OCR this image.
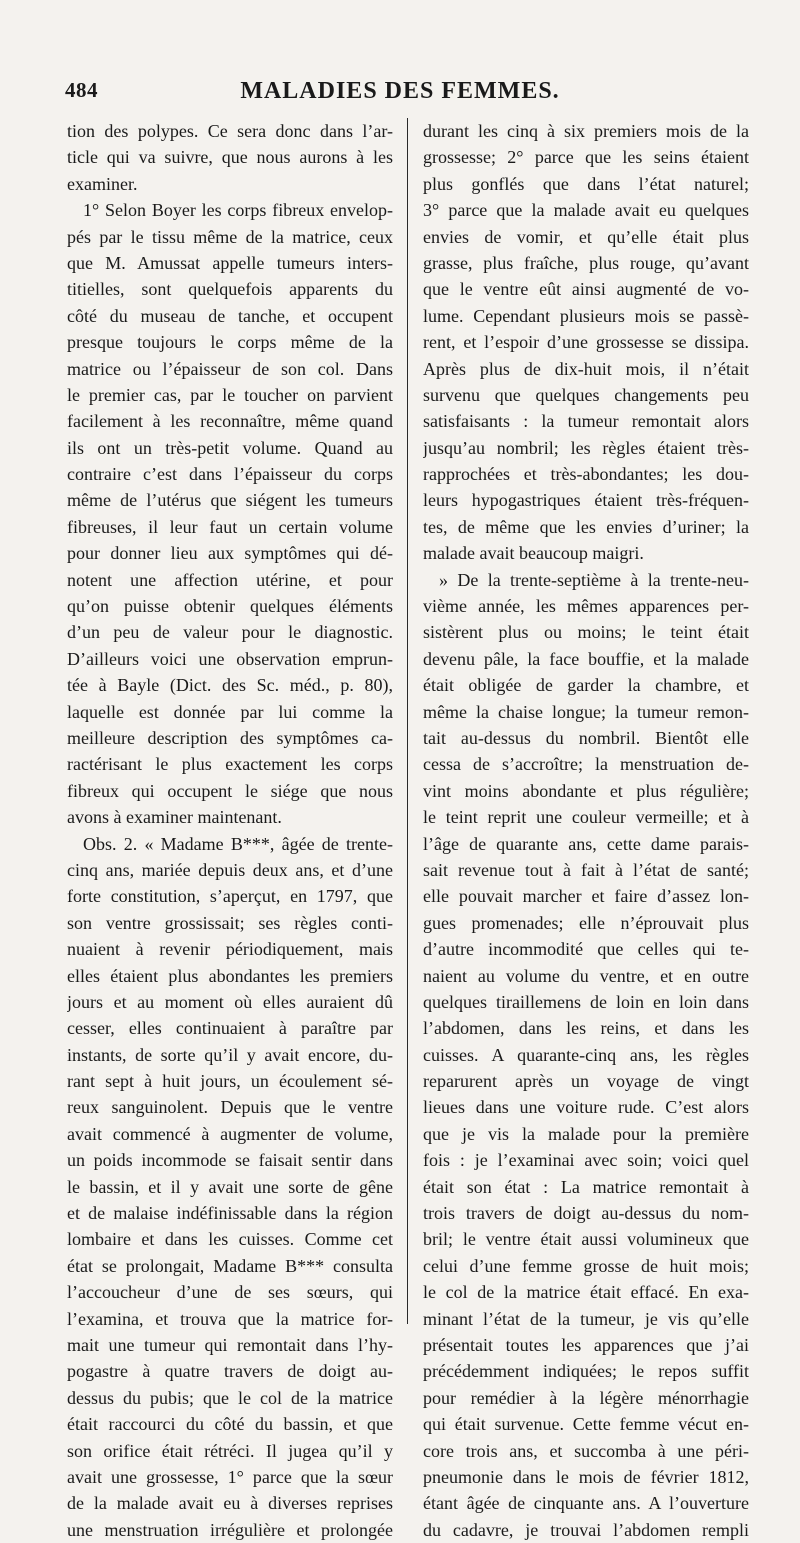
484	MALADIES DES FEMMES.
tion des polypes. Ce sera donc dans l’ar-
ticle qui va suivre, que nous aurons à les
examiner.
1° Selon Boyer les corps fibreux envelop-
pés par le tissu même de la matrice, ceux
que M. Amussat appelle tumeurs inters-
titielles, sont quelquefois apparents du
côté du museau de tanche, et occupent
presque toujours le corps même de la
matrice ou l’épaisseur de son col. Dans
le premier cas, par le toucher on parvient
facilement à les reconnaître, même quand
ils ont un très-petit volume. Quand au
contraire c’est dans l’épaisseur du corps
même de l’utérus que siégent les tumeurs
fibreuses, il leur faut un certain volume
pour donner lieu aux symptômes qui dé-
notent une affection utérine, et pour
qu’on puisse obtenir quelques éléments
d’un peu de valeur pour le diagnostic.
D’ailleurs voici une observation emprun-
tée à Bayle (Dict. des Sc. méd., p. 80),
laquelle est donnée par lui comme la
meilleure description des symptômes ca-
ractérisant le plus exactement les corps
fibreux qui occupent le siége que nous
avons à examiner maintenant.
Obs. 2. « Madame B***, âgée de trente-
cinq ans, mariée depuis deux ans, et d’une
forte constitution, s’aperçut, en 1797, que
son ventre grossissait; ses règles conti-
nuaient à revenir périodiquement, mais
elles étaient plus abondantes les premiers
jours et au moment où elles auraient dû
cesser, elles continuaient à paraître par
instants, de sorte qu’il y avait encore, du-
rant sept à huit jours, un écoulement sé-
reux sanguinolent. Depuis que le ventre
avait commencé à augmenter de volume,
un poids incommode se faisait sentir dans
le bassin, et il y avait une sorte de gêne
et de malaise indéfinissable dans la région
lombaire et dans les cuisses. Comme cet
état se prolongait, Madame B*** consulta
l’accoucheur d’une de ses sœurs, qui
l’examina, et trouva que la matrice for-
mait une tumeur qui remontait dans l’hy-
pogastre à quatre travers de doigt au-
dessus du pubis; que le col de la matrice
était raccourci du côté du bassin, et que
son orifice était rétréci. Il jugea qu’il y
avait une grossesse, 1° parce que la sœur
de la malade avait eu à diverses reprises
une menstruation irrégulière et prolongée
durant les cinq à six premiers mois de la
grossesse; 2° parce que les seins étaient
plus gonflés que dans l’état naturel;
3° parce que la malade avait eu quelques
envies de vomir, et qu’elle était plus
grasse, plus fraîche, plus rouge, qu’avant
que le ventre eût ainsi augmenté de vo-
lume. Cependant plusieurs mois se passè-
rent, et l’espoir d’une grossesse se dissipa.
Après plus de dix-huit mois, il n’était
survenu que quelques changements peu
satisfaisants : la tumeur remontait alors
jusqu’au nombril; les règles étaient très-
rapprochées et très-abondantes; les dou-
leurs hypogastriques étaient très-fréquen-
tes, de même que les envies d’uriner; la
malade avait beaucoup maigri.
» De la trente-septième à la trente-neu-
vième année, les mêmes apparences per-
sistèrent plus ou moins; le teint était
devenu pâle, la face bouffie, et la malade
était obligée de garder la chambre, et
même la chaise longue; la tumeur remon-
tait au-dessus du nombril. Bientôt elle
cessa de s’accroître; la menstruation de-
vint moins abondante et plus régulière;
le teint reprit une couleur vermeille; et à
l’âge de quarante ans, cette dame parais-
sait revenue tout à fait à l’état de santé;
elle pouvait marcher et faire d’assez lon-
gues promenades; elle n’éprouvait plus
d’autre incommodité que celles qui te-
naient au volume du ventre, et en outre
quelques tiraillemens de loin en loin dans
l’abdomen, dans les reins, et dans les
cuisses. A quarante-cinq ans, les règles
reparurent après un voyage de vingt
lieues dans une voiture rude. C’est alors
que je vis la malade pour la première
fois : je l’examinai avec soin; voici quel
était son état : La matrice remontait à
trois travers de doigt au-dessus du nom-
bril; le ventre était aussi volumineux que
celui d’une femme grosse de huit mois;
le col de la matrice était effacé. En exa-
minant l’état de la tumeur, je vis qu’elle
présentait toutes les apparences que j’ai
précédemment indiquées; le repos suffit
pour remédier à la légère ménorrhagie
qui était survenue. Cette femme vécut en-
core trois ans, et succomba à une péri-
pneumonie dans le mois de février 1812,
étant âgée de cinquante ans. A l’ouverture
du cadavre, je trouvai l’abdomen rempli
